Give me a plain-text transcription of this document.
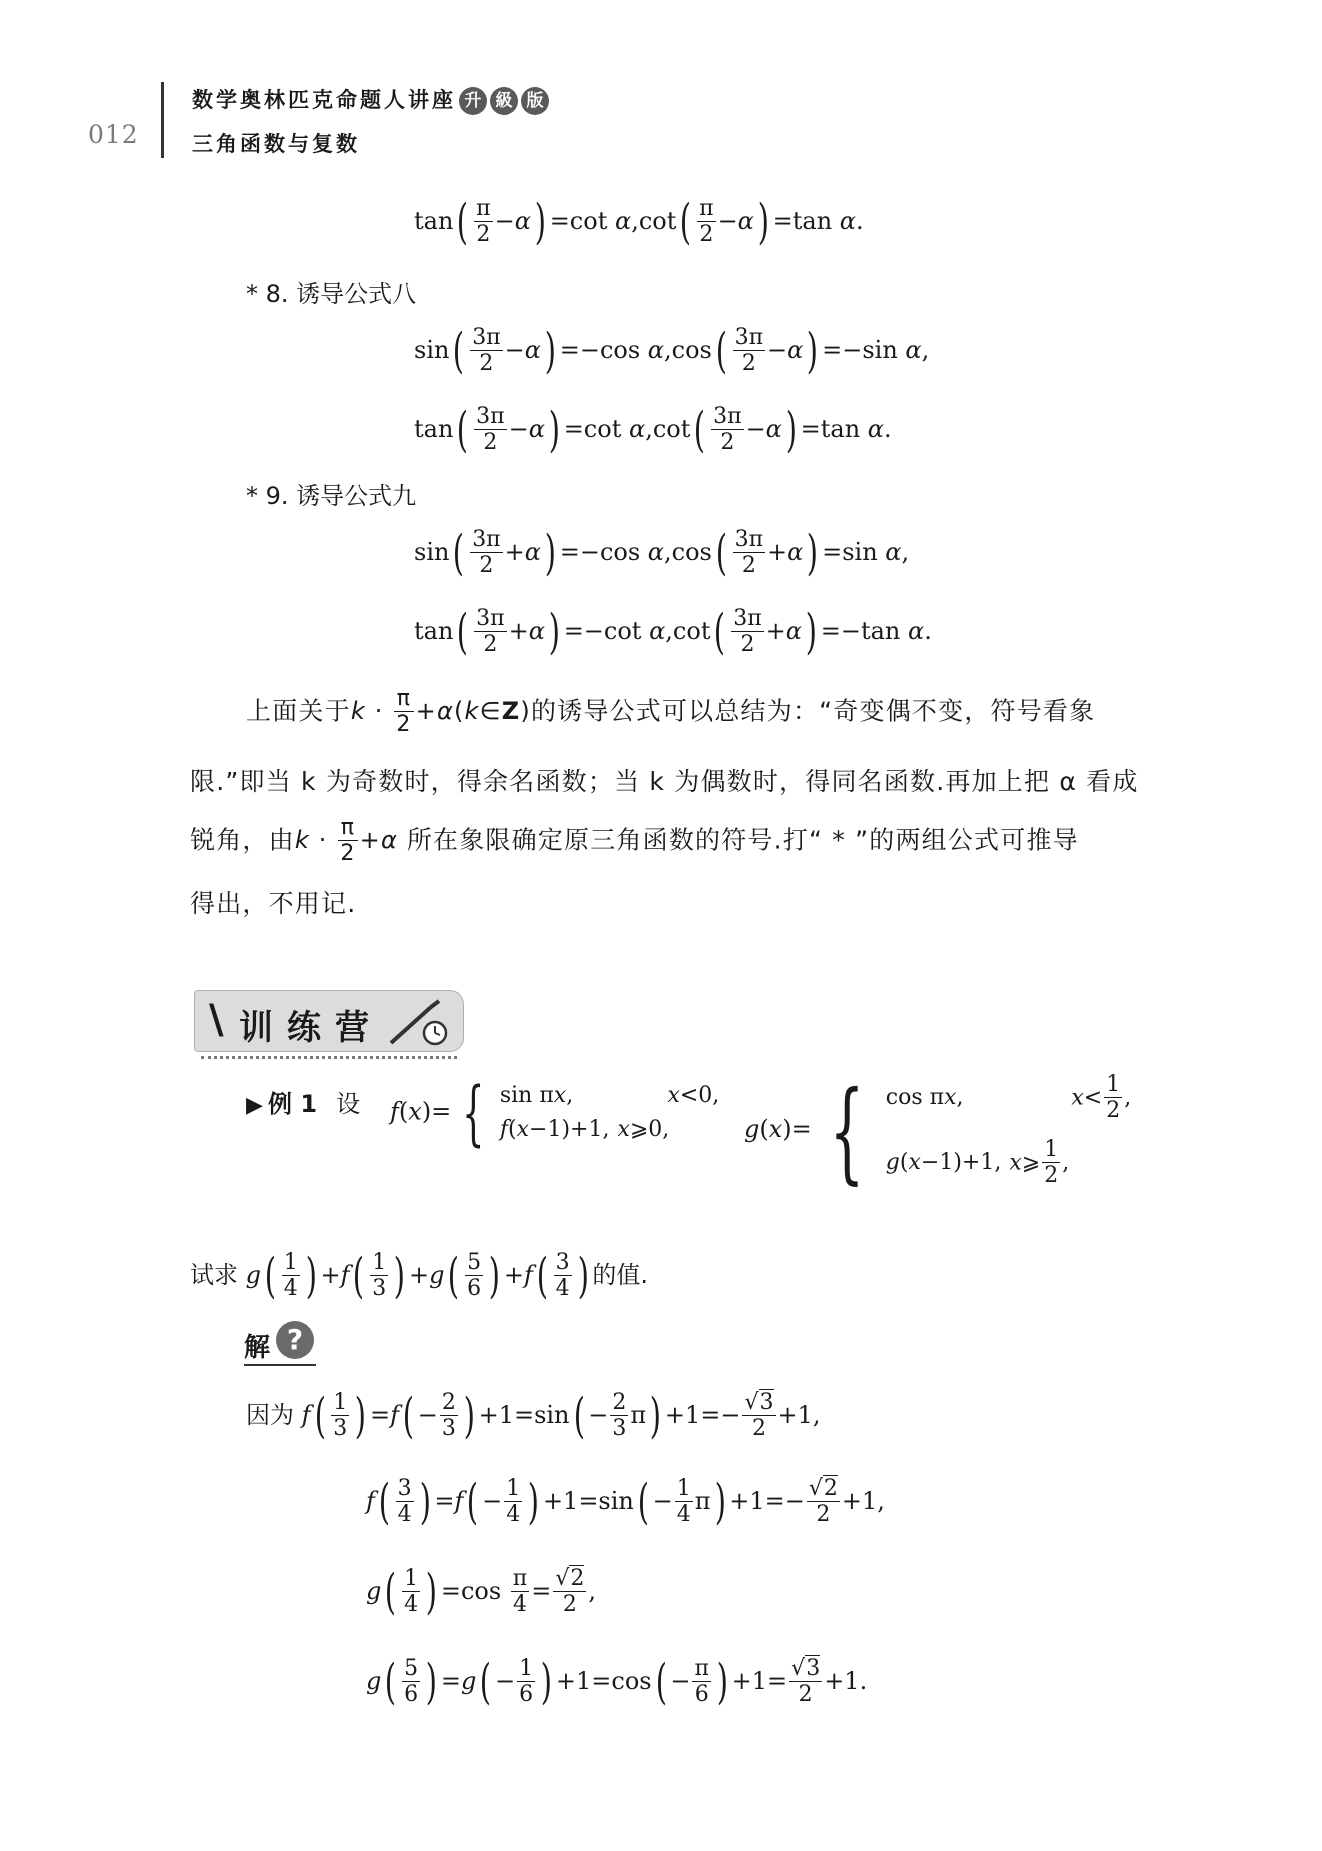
012
数学奥林匹克命题人讲座 升 級 版
三角函数与复数
$\tan( \frac{\pi}{2} -\alpha) =\cot$ $\alpha,\cot( \frac{\pi}{2} -\alpha) =\tan$ α.
* 8. 诱导公式八
$\sin( \frac{3\pi}{2} -\alpha) =-\cos$ $\alpha,\cos( \frac{3\pi}{2} -\alpha) =-\sin$ α,
$\tan( \frac{3\pi}{2} -\alpha) =\cot$ $\alpha,\cot( \frac{3\pi}{2} -\alpha) =\tan$ α.
* 9. 诱导公式九
$\sin( \frac{3\pi}{2} +\alpha) =-\cos$ $\alpha,\cos( \frac{3\pi}{2} +\alpha) =\sin$ α,
$\tan( \frac{3\pi}{2} +\alpha) =-\cot$ $\alpha,\cot( \frac{3\pi}{2} +\alpha) =-\tan$ α.
上面关于$k \cdot \frac{\pi}{2}$ +α(k∈Z)的诱导公式可以总结为：“奇变偶不变，符号看象
限.”即当 k 为奇数时，得余名函数；当 k 为偶数时，得同名函数.再加上把 α 看成
锐角，由$k \cdot \frac{\pi}{2} +\alpha$ 所在象限确定原三角函数的符号.打“ * ”的两组公式可推导
得出，不用记.
\ 训练营
▶ 例 1 设 f(x)= { sin πx,	x<0,
f(x−1)+1,	x⩾0,	g(x)= { cos πx,	$x< \frac{1}{2}$ ,
g(x−1)+1,	x⩾ $\frac{1}{2}$ ,
试求 $g( \frac{1}{4}$ ) $+f( \frac{1}{3}$ ) $+g( \frac{5}{6}$ ) $+f( \frac{3}{4}$ ) 的值.
解 ?
因为 $f( \frac{1}{3}$ ) $=f( - \frac{2}{3}$ ) $+1=\sin( - \frac{2}{3} \pi) +1=- \frac{√3}{2} +1$,
$f( \frac{3}{4}$ ) $=f( - \frac{1}{4}$ ) $+1=\sin( - \frac{1}{4} \pi) +1=- \frac{√2}{2} +1$,
$g( \frac{1}{4}$ ) $=\cos \frac{\pi}{4} = \frac{√2}{2}$ ,
$g( \frac{5}{6}$ ) $=g( - \frac{1}{6}$ ) $+1=\cos( - \frac{\pi}{6}$ ) $+1= \frac{√3}{2} +1$.
